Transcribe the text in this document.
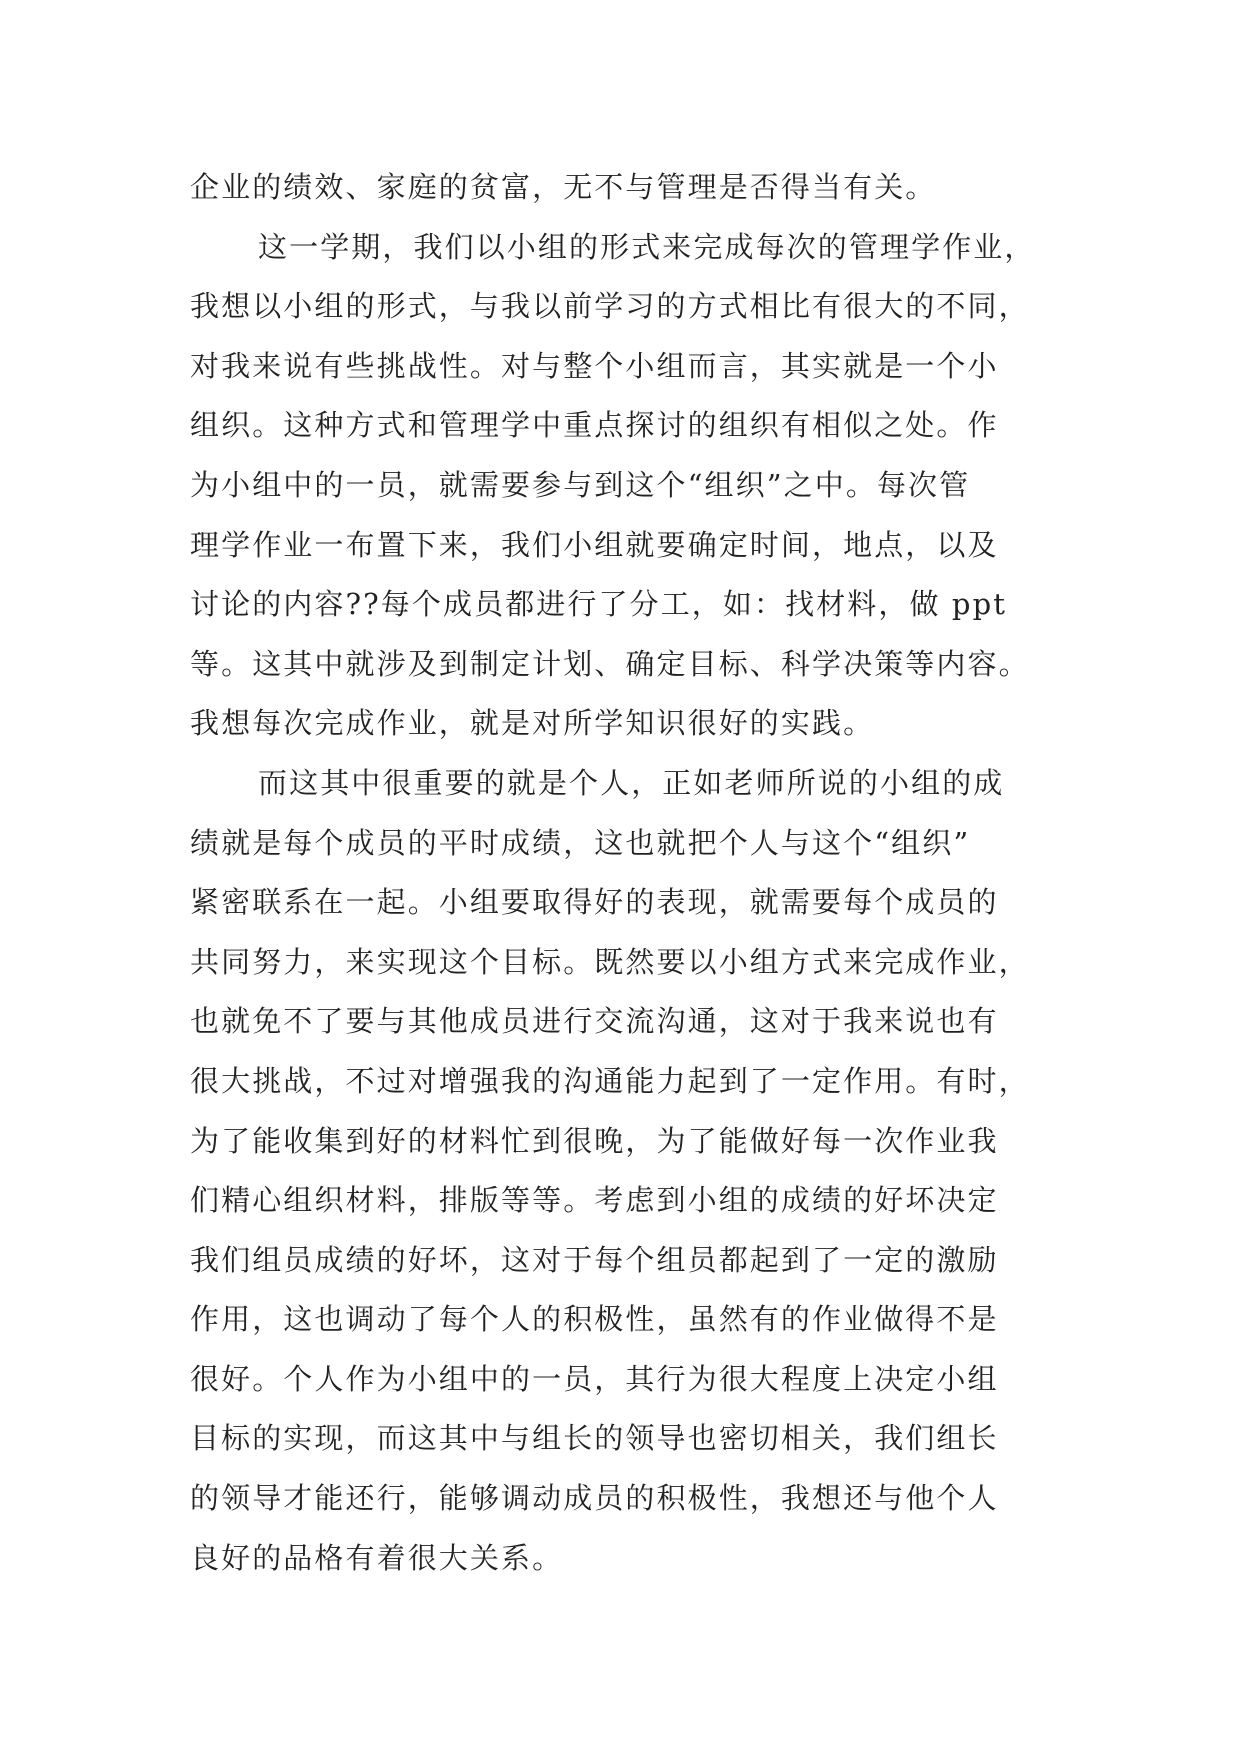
企业的绩效、家庭的贫富，无不与管理是否得当有关。
这一学期，我们以小组的形式来完成每次的管理学作业，
我想以小组的形式，与我以前学习的方式相比有很大的不同，
对我来说有些挑战性。对与整个小组而言，其实就是一个小
组织。这种方式和管理学中重点探讨的组织有相似之处。作
为小组中的一员，就需要参与到这个“组织”之中。每次管
理学作业一布置下来，我们小组就要确定时间，地点，以及
讨论的内容??每个成员都进行了分工，如：找材料，做 ppt
等。这其中就涉及到制定计划、确定目标、科学决策等内容。
我想每次完成作业，就是对所学知识很好的实践。
而这其中很重要的就是个人，正如老师所说的小组的成
绩就是每个成员的平时成绩，这也就把个人与这个“组织”
紧密联系在一起。小组要取得好的表现，就需要每个成员的
共同努力，来实现这个目标。既然要以小组方式来完成作业，
也就免不了要与其他成员进行交流沟通，这对于我来说也有
很大挑战，不过对增强我的沟通能力起到了一定作用。有时，
为了能收集到好的材料忙到很晚，为了能做好每一次作业我
们精心组织材料，排版等等。考虑到小组的成绩的好坏决定
我们组员成绩的好坏，这对于每个组员都起到了一定的激励
作用，这也调动了每个人的积极性，虽然有的作业做得不是
很好。个人作为小组中的一员，其行为很大程度上决定小组
目标的实现，而这其中与组长的领导也密切相关，我们组长
的领导才能还行，能够调动成员的积极性，我想还与他个人
良好的品格有着很大关系。
